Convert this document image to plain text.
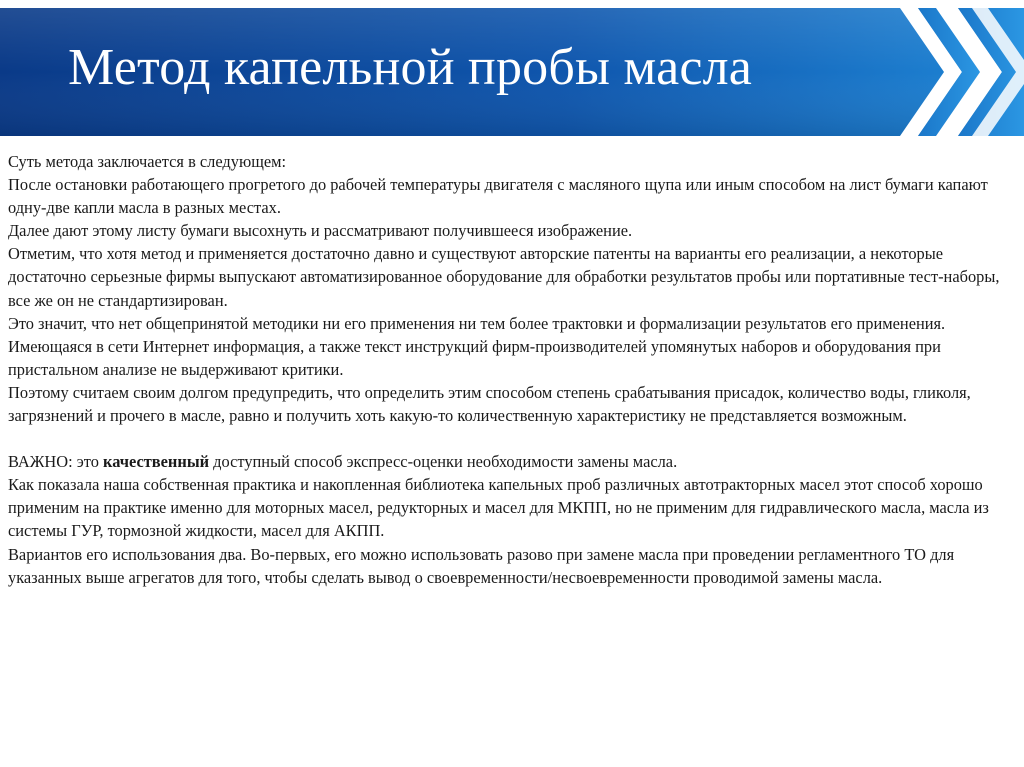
Метод капельной пробы масла

Суть метода заключается в следующем:

После остановки работающего прогретого до рабочей температуры двигателя с масляного щупа или иным способом на лист бумаги капают одну-две капли масла в разных местах.

Далее дают этому листу бумаги высохнуть и рассматривают получившееся изображение.

Отметим, что хотя метод и применяется достаточно давно и существуют авторские патенты на варианты его реализации, а некоторые достаточно серьезные фирмы выпускают автоматизированное оборудование для обработки результатов пробы или портативные тест-наборы, все же он не стандартизирован.

Это значит, что нет общепринятой методики ни его применения ни тем более трактовки и формализации результатов его применения.

Имеющаяся в сети Интернет информация, а также текст инструкций фирм-производителей упомянутых наборов и оборудования при пристальном анализе не выдерживают критики.

Поэтому считаем своим долгом предупредить, что определить этим способом степень срабатывания присадок, количество воды, гликоля, загрязнений и прочего в масле, равно и получить хоть какую-то количественную характеристику не представляется возможным.

ВАЖНО: это качественный доступный способ экспресс-оценки необходимости замены масла.

Как показала наша собственная практика и накопленная библиотека капельных проб различных автотракторных масел этот способ хорошо применим на практике именно для моторных масел, редукторных и масел для МКПП, но не применим для гидравлического масла, масла из системы ГУР, тормозной жидкости, масел для АКПП.

Вариантов его использования два. Во-первых, его можно использовать разово при замене масла при проведении регламентного ТО для указанных выше агрегатов для того, чтобы сделать вывод о своевременности/несвоевременности проводимой замены масла.
